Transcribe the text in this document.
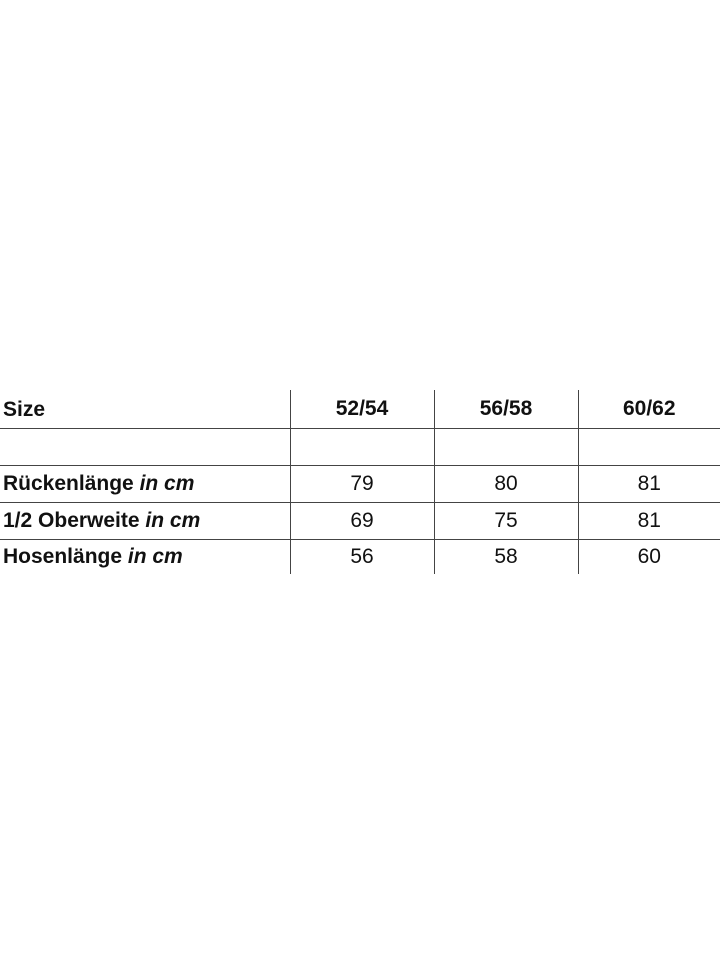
Size	52/54	56/58	60/62

Rückenlänge in cm	79	80	81
1/2 Oberweite in cm	69	75	81
Hosenlänge in cm	56	58	60
